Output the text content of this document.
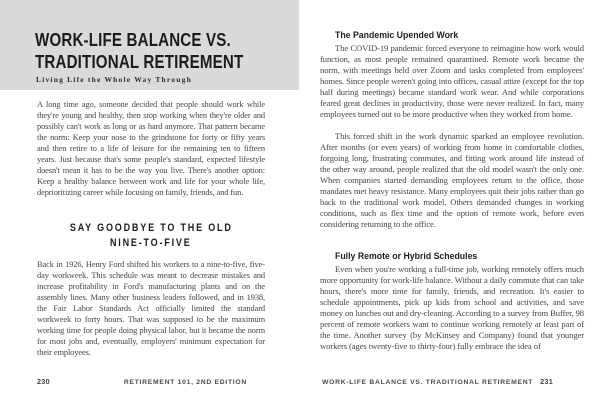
WORK-LIFE BALANCE VS.
TRADITIONAL RETIREMENT
Living Life the Whole Way Through

A long time ago, someone decided that people should work while they're young and healthy, then stop working when they're older and possibly can't work as long or as hard anymore. That pattern became the norm: Keep your nose to the grindstone for forty or fifty years and then retire to a life of leisure for the remaining ten to fifteen years. Just because that's some people's standard, expected lifestyle doesn't mean it has to be the way you live. There's another option: Keep a healthy balance between work and life for your whole life, deprioritizing career while focusing on family, friends, and fun.

SAY GOODBYE TO THE OLD
NINE-TO-FIVE

Back in 1926, Henry Ford shifted his workers to a nine-to-five, five-day workweek. This schedule was meant to decrease mistakes and increase profitability in Ford's manufacturing plants and on the assembly lines. Many other business leaders followed, and in 1938, the Fair Labor Standards Act officially limited the standard workweek to forty hours. That was supposed to be the maximum working time for people doing physical labor, but it became the norm for most jobs and, eventually, employers' minimum expectation for their employees.

230	RETIREMENT 101, 2ND EDITION
The Pandemic Upended Work

The COVID-19 pandemic forced everyone to reimagine how work would function, as most people remained quarantined. Remote work became the norm, with meetings held over Zoom and tasks completed from employees' homes. Since people weren't going into offices, casual attire (except for the top half during meetings) became standard work wear. And while corporations feared great declines in productivity, those were never realized. In fact, many employees turned out to be more productive when they worked from home.

This forced shift in the work dynamic sparked an employee revolution. After months (or even years) of working from home in comfortable clothes, forgoing long, frustrating commutes, and fitting work around life instead of the other way around, people realized that the old model wasn't the only one. When companies started demanding employees return to the office, those mandates met heavy resistance. Many employees quit their jobs rather than go back to the traditional work model. Others demanded changes in working conditions, such as flex time and the option of remote work, before even considering returning to the office.

Fully Remote or Hybrid Schedules

Even when you're working a full-time job, working remotely offers much more opportunity for work-life balance. Without a daily commute that can take hours, there's more time for family, friends, and recreation. It's easier to schedule appointments, pick up kids from school and activities, and save money on lunches out and dry-cleaning. According to a survey from Buffer, 98 percent of remote workers want to continue working remotely at least part of the time. Another survey (by McKinsey and Company) found that younger workers (ages twenty-five to thirty-four) fully embrace the idea of

WORK-LIFE BALANCE VS. TRADITIONAL RETIREMENT 231
